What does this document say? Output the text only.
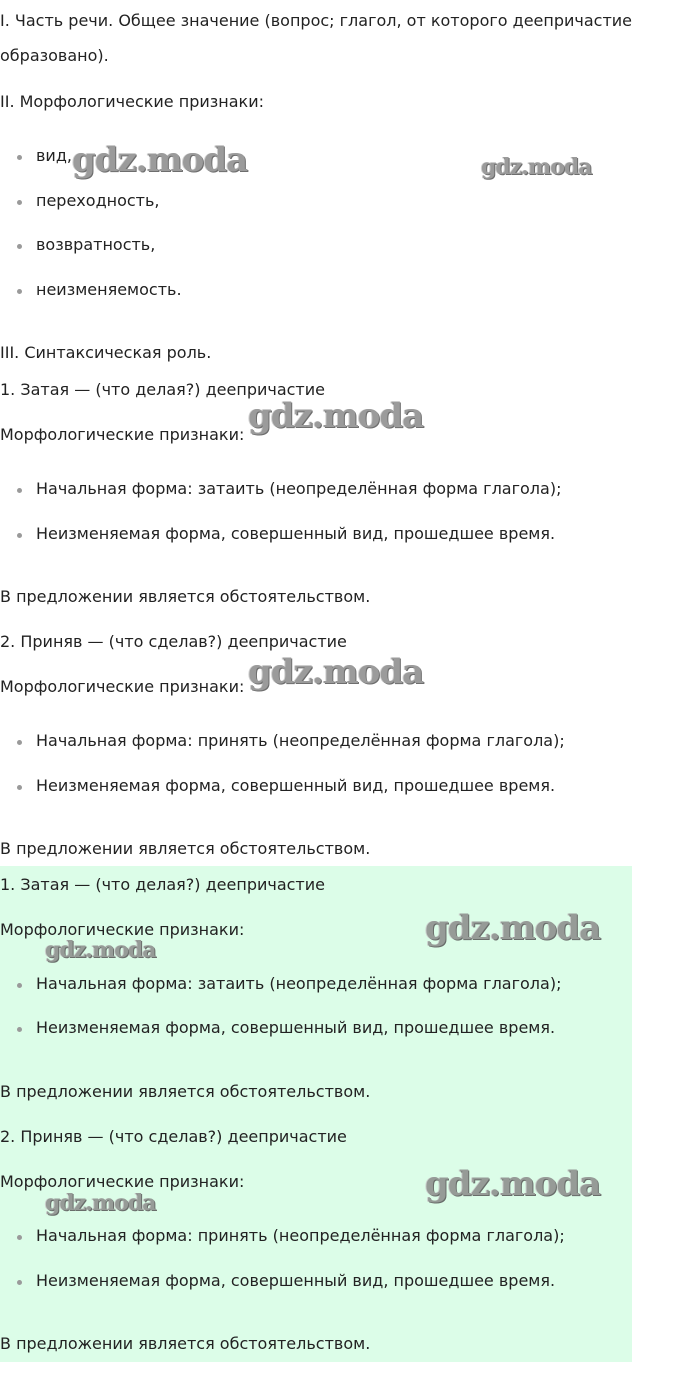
I. Часть речи. Общее значение (вопрос; глагол, от которого деепричастие

образовано).

II. Морфологические признаки:

вид,
переходность,
возвратность,
неизменяемость.

III. Синтаксическая роль.

1. Затая — (что делая?) деепричастие

Морфологические признаки:

Начальная форма: затаить (неопределённая форма глагола);
Неизменяемая форма, совершенный вид, прошедшее время.

В предложении является обстоятельством.

2. Приняв — (что сделав?) деепричастие

Морфологические признаки:

Начальная форма: принять (неопределённая форма глагола);
Неизменяемая форма, совершенный вид, прошедшее время.

В предложении является обстоятельством.

1. Затая — (что делая?) деепричастие

Морфологические признаки:

Начальная форма: затаить (неопределённая форма глагола);
Неизменяемая форма, совершенный вид, прошедшее время.

В предложении является обстоятельством.

2. Приняв — (что сделав?) деепричастие

Морфологические признаки:

Начальная форма: принять (неопределённая форма глагола);
Неизменяемая форма, совершенный вид, прошедшее время.

В предложении является обстоятельством.

gdz.moda	gdz.moda
gdz.moda
gdz.moda
gdz.moda
gdz.moda
gdz.moda
gdz.moda
